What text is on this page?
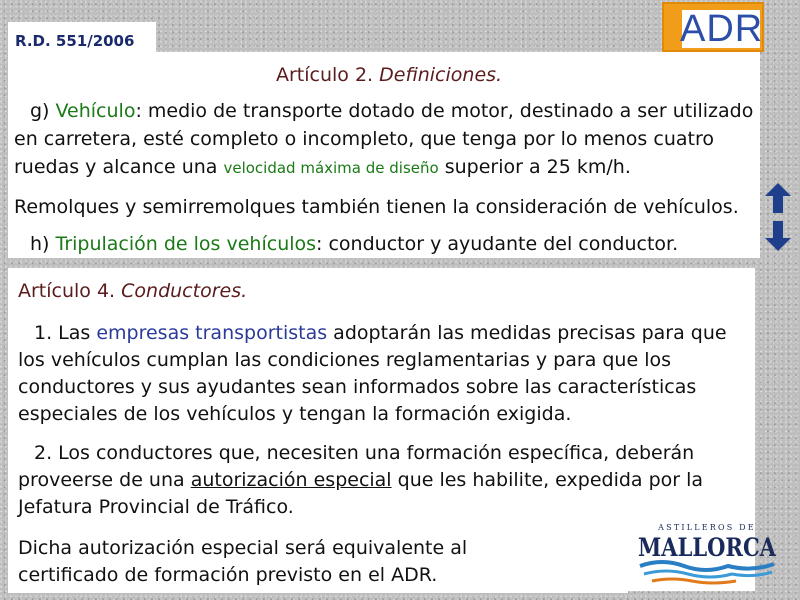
R.D. 551/2006	ADR
Artículo 2. Definiciones.
g) Vehículo: medio de transporte dotado de motor, destinado a ser utilizado
en carretera, esté completo o incompleto, que tenga por lo menos cuatro
ruedas y alcance una velocidad máxima de diseño superior a 25 km/h.
Remolques y semirremolques también tienen la consideración de vehículos.
h) Tripulación de los vehículos: conductor y ayudante del conductor.
Artículo 4. Conductores.
1. Las empresas transportistas adoptarán las medidas precisas para que
los vehículos cumplan las condiciones reglamentarias y para que los
conductores y sus ayudantes sean informados sobre las características
especiales de los vehículos y tengan la formación exigida.
2. Los conductores que, necesiten una formación específica, deberán
proveerse de una autorización especial que les habilite, expedida por la
Jefatura Provincial de Tráfico.
Dicha autorización especial será equivalente al
certificado de formación previsto en el ADR.
ASTILLEROS DE
MALLORCA
